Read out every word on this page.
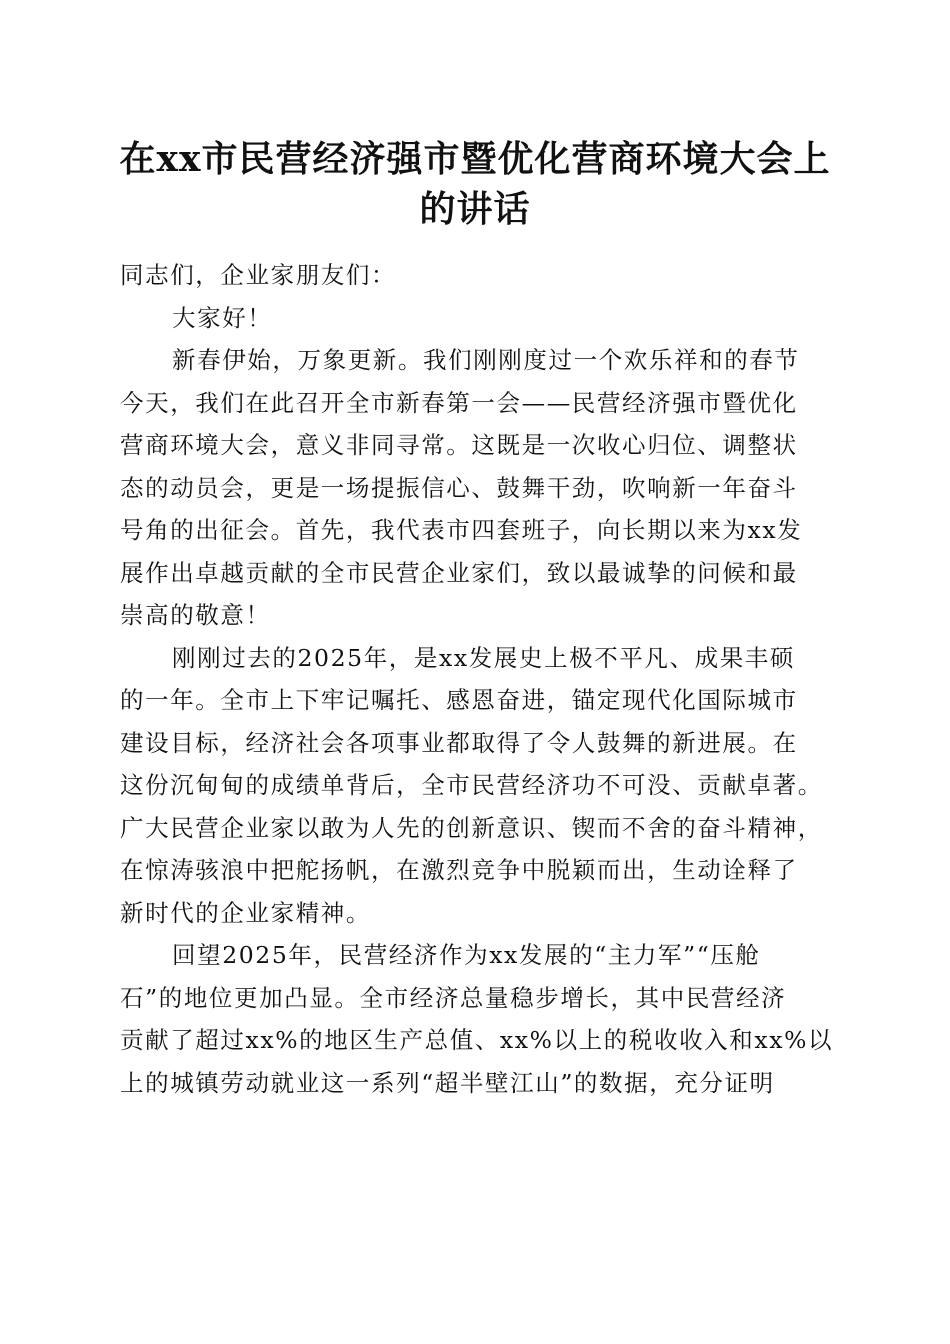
在xx市民营经济强市暨优化营商环境大会上
的讲话
同志们，企业家朋友们：
大家好！
新春伊始，万象更新。我们刚刚度过一个欢乐祥和的春节
今天，我们在此召开全市新春第一会——民营经济强市暨优化
营商环境大会，意义非同寻常。这既是一次收心归位、调整状
态的动员会，更是一场提振信心、鼓舞干劲，吹响新一年奋斗
号角的出征会。首先，我代表市四套班子，向长期以来为xx发
展作出卓越贡献的全市民营企业家们，致以最诚挚的问候和最
崇高的敬意！
刚刚过去的2025年，是xx发展史上极不平凡、成果丰硕
的一年。全市上下牢记嘱托、感恩奋进，锚定现代化国际城市
建设目标，经济社会各项事业都取得了令人鼓舞的新进展。在
这份沉甸甸的成绩单背后，全市民营经济功不可没、贡献卓著。
广大民营企业家以敢为人先的创新意识、锲而不舍的奋斗精神，
在惊涛骇浪中把舵扬帆，在激烈竞争中脱颖而出，生动诠释了
新时代的企业家精神。
回望2025年，民营经济作为xx发展的“主力军”“压舱
石”的地位更加凸显。全市经济总量稳步增长，其中民营经济
贡献了超过xx%的地区生产总值、xx%以上的税收收入和xx%以
上的城镇劳动就业这一系列“超半壁江山”的数据，充分证明
